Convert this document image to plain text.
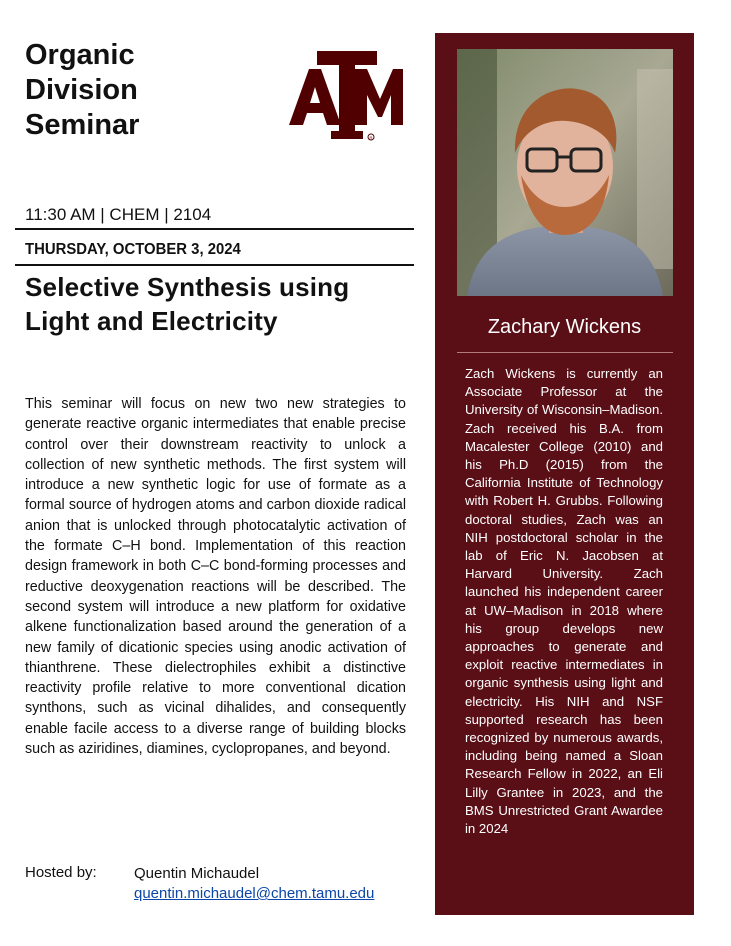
Organic
Division
Seminar	R
11:30 AM | CHEM | 2104
THURSDAY, OCTOBER 3, 2024
Selective Synthesis using Light and Electricity
This seminar will focus on new two new strategies to generate reactive organic intermediates that enable precise control over their downstream reactivity to unlock a collection of new synthetic methods. The first system will introduce a new synthetic logic for use of formate as a formal source of hydrogen atoms and carbon dioxide radical anion that is unlocked through photocatalytic activation of the formate C–H bond. Implementation of this reaction design framework in both C–C bond-forming processes and reductive deoxygenation reactions will be described. The second system will introduce a new platform for oxidative alkene functionalization based around the generation of a new family of dicationic species using anodic activation of thianthrene. These dielectrophiles exhibit a distinctive reactivity profile relative to more conventional dication synthons, such as vicinal dihalides, and consequently enable facile access to a diverse range of building blocks such as aziridines, diamines, cyclopropanes, and beyond.
Hosted by: Quentin Michaudel
quentin.michaudel@chem.tamu.edu
Zachary Wickens
Zach Wickens is currently an Associate Professor at the University of Wisconsin–Madison. Zach received his B.A. from Macalester College (2010) and his Ph.D (2015) from the California Institute of Technology with Robert H. Grubbs. Following doctoral studies, Zach was an NIH postdoctoral scholar in the lab of Eric N. Jacobsen at Harvard University. Zach launched his independent career at UW–Madison in 2018 where his group develops new approaches to generate and exploit reactive intermediates in organic synthesis using light and electricity. His NIH and NSF supported research has been recognized by numerous awards, including being named a Sloan Research Fellow in 2022, an Eli Lilly Grantee in 2023, and the BMS Unrestricted Grant Awardee in 2024
